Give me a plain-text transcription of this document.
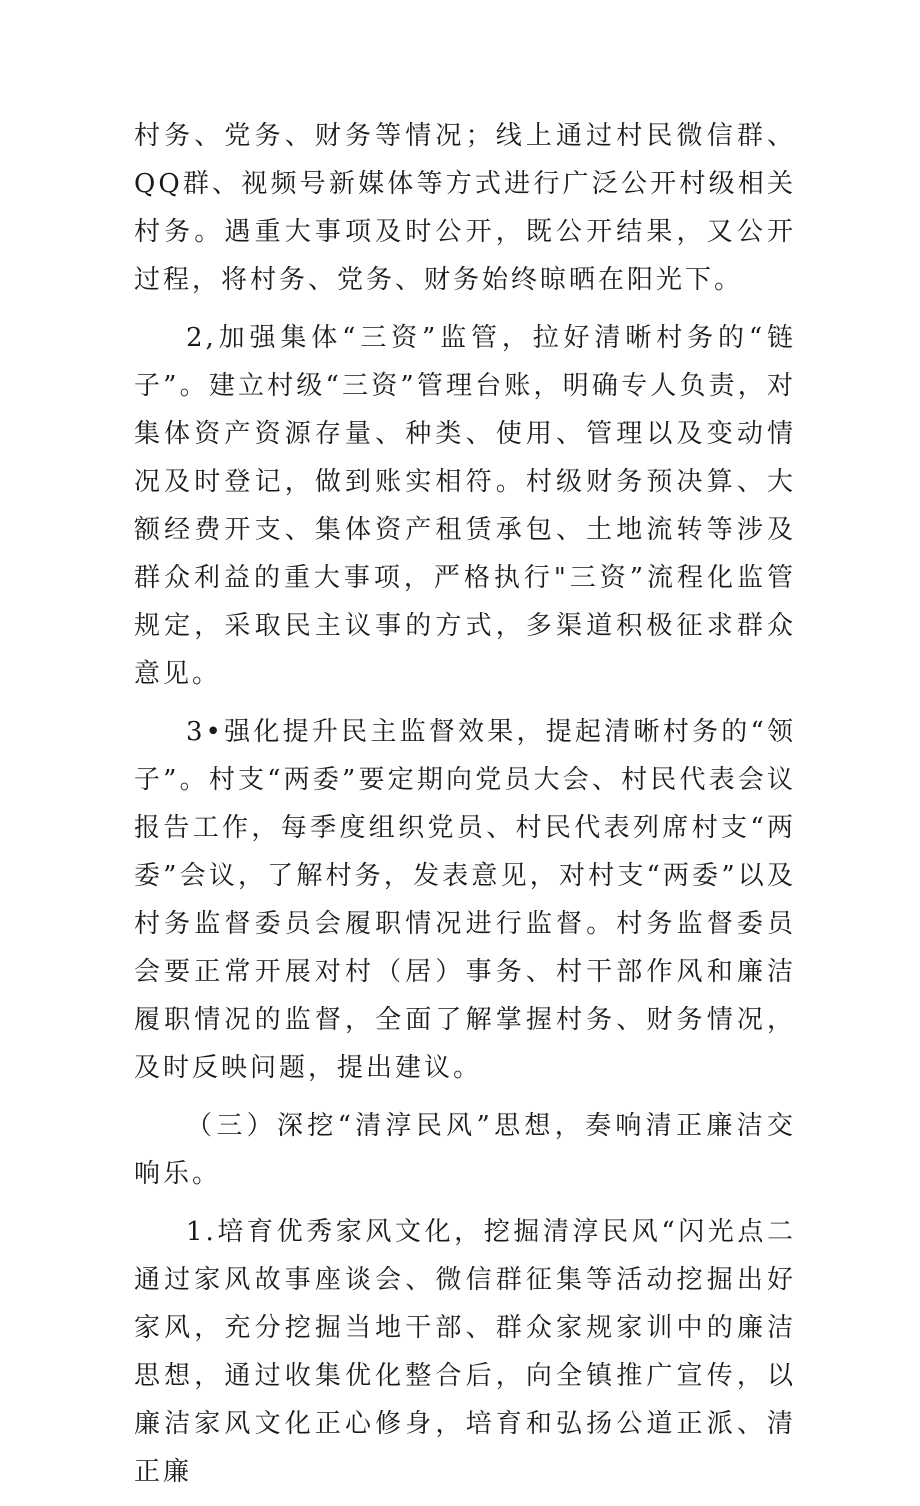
村务、党务、财务等情况；线上通过村民微信群、QQ群、视频号新媒体等方式进行广泛公开村级相关村务。遇重大事项及时公开，既公开结果，又公开过程，将村务、党务、财务始终晾晒在阳光下。

2,加强集体“三资”监管，拉好清晰村务的“链子”。建立村级“三资”管理台账，明确专人负责，对集体资产资源存量、种类、使用、管理以及变动情况及时登记，做到账实相符。村级财务预决算、大额经费开支、集体资产租赁承包、土地流转等涉及群众利益的重大事项，严格执行"三资”流程化监管规定，采取民主议事的方式，多渠道积极征求群众意见。

3•强化提升民主监督效果，提起清晰村务的“领子”。村支“两委”要定期向党员大会、村民代表会议报告工作，每季度组织党员、村民代表列席村支“两委”会议，了解村务，发表意见，对村支“两委”以及村务监督委员会履职情况进行监督。村务监督委员会要正常开展对村（居）事务、村干部作风和廉洁履职情况的监督，全面了解掌握村务、财务情况，及时反映问题，提出建议。

（三）深挖“清淳民风”思想，奏响清正廉洁交响乐。

1.培育优秀家风文化，挖掘清淳民风“闪光点二通过家风故事座谈会、微信群征集等活动挖掘出好家风，充分挖掘当地干部、群众家规家训中的廉洁思想，通过收集优化整合后，向全镇推广宣传，以廉洁家风文化正心修身，培育和弘扬公道正派、清正廉
